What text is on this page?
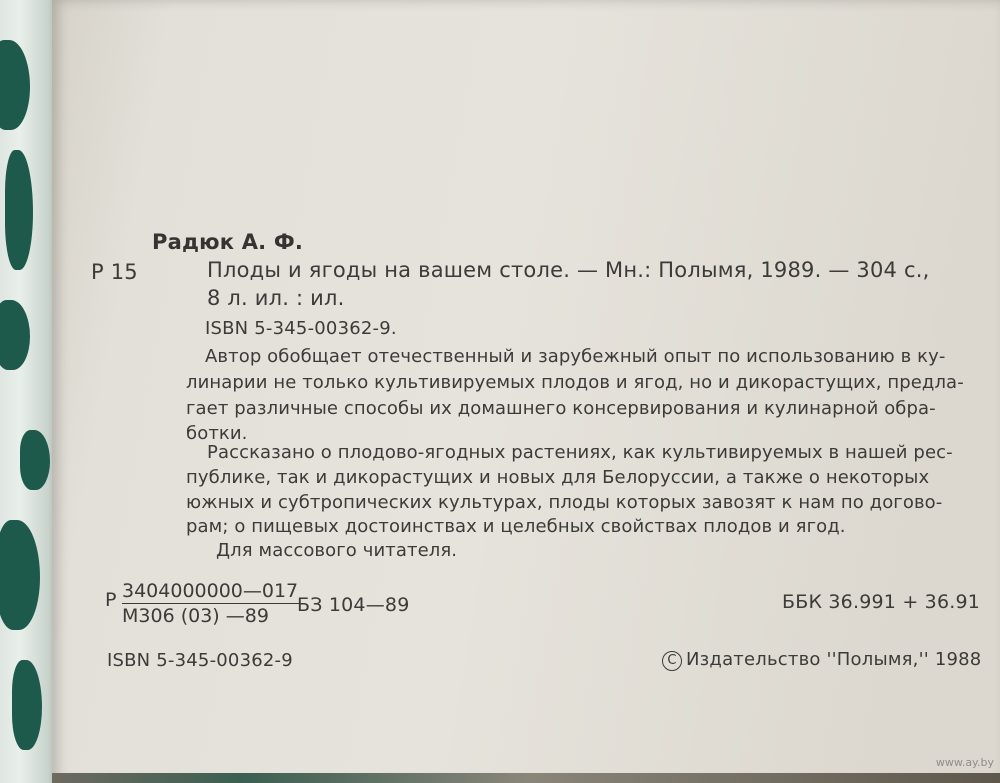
Радюк А. Ф.
Р 15	Плоды и ягоды на вашем столе. — Мн.: Полымя, 1989. — 304 с.,
8 л. ил. : ил.
ISBN 5-345-00362-9.
Автор обобщает отечественный и зарубежный опыт по использованию в ку-
линарии не только культивируемых плодов и ягод, но и дикорастущих, предла-
гает различные способы их домашнего консервирования и кулинарной обра-
ботки.
Рассказано о плодово-ягодных растениях, как культивируемых в нашей рес-
публике, так и дикорастущих и новых для Белоруссии, а также о некоторых
южных и субтропических культурах, плоды которых завозят к нам по догово-
рам; о пищевых достоинствах и целебных свойствах плодов и ягод.
Для массового читателя.
Р 3404000000—017
М306 (03) —89	БЗ 104—89	ББК 36.991 + 36.91
ISBN 5-345-00362-9	С Издательство ''Полымя,'' 1988
www.ay.by
